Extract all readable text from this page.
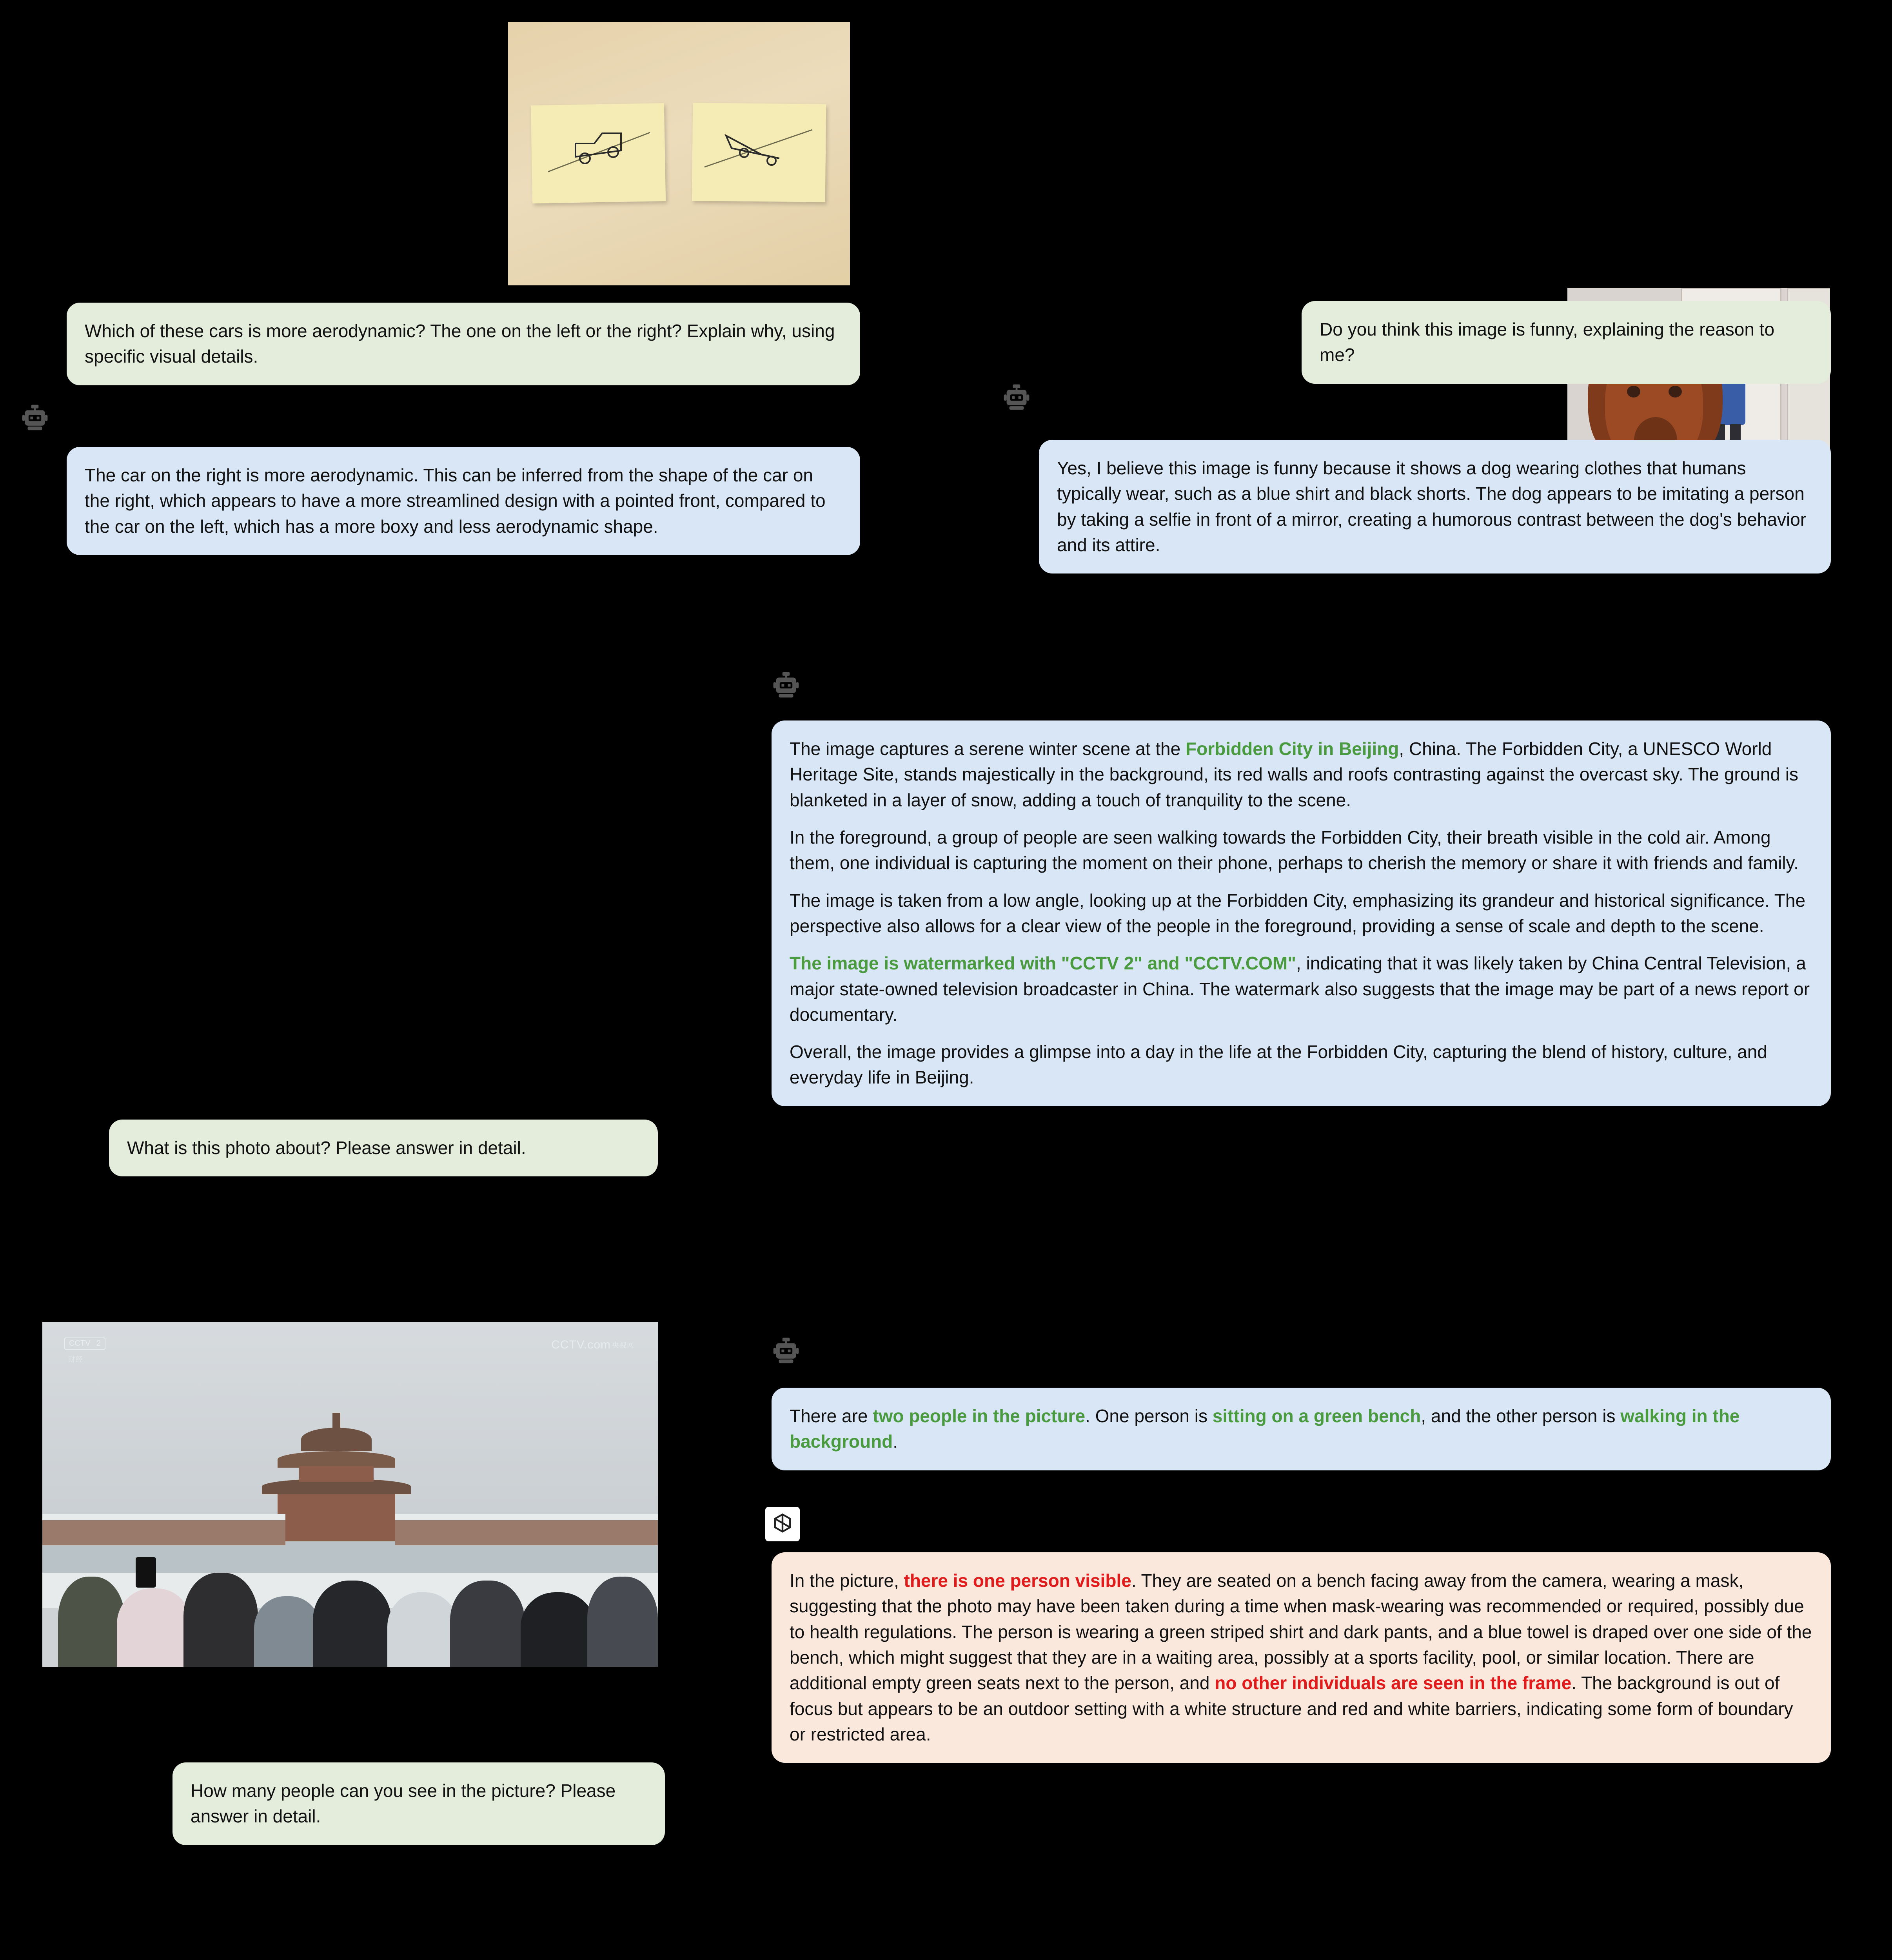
Which of these cars is more aerodynamic? The one on the left or the right? Explain why, using specific visual details.

The car on the right is more aerodynamic. This can be inferred from the shape of the car on the right, which appears to have a more streamlined design with a pointed front, compared to the car on the left, which has a more boxy and less aerodynamic shape.

Do you think this image is funny, explaining the reason to me?

Yes, I believe this image is funny because it shows a dog wearing clothes that humans typically wear, such as a blue shirt and black shorts. The dog appears to be imitating a person by taking a selfie in front of a mirror, creating a humorous contrast between the dog's behavior and its attire.

CCTV 2
财经
CCTV.com 央视网

What is this photo about? Please answer in detail.

The image captures a serene winter scene at the Forbidden City in Beijing, China. The Forbidden City, a UNESCO World Heritage Site, stands majestically in the background, its red walls and roofs contrasting against the overcast sky. The ground is blanketed in a layer of snow, adding a touch of tranquility to the scene.

In the foreground, a group of people are seen walking towards the Forbidden City, their breath visible in the cold air. Among them, one individual is capturing the moment on their phone, perhaps to cherish the memory or share it with friends and family.

The image is taken from a low angle, looking up at the Forbidden City, emphasizing its grandeur and historical significance. The perspective also allows for a clear view of the people in the foreground, providing a sense of scale and depth to the scene.

The image is watermarked with "CCTV 2" and "CCTV.COM", indicating that it was likely taken by China Central Television, a major state-owned television broadcaster in China. The watermark also suggests that the image may be part of a news report or documentary.

Overall, the image provides a glimpse into a day in the life at the Forbidden City, capturing the blend of history, culture, and everyday life in Beijing.

There are two people in the picture. One person is sitting on a green bench, and the other person is walking in the background.

In the picture, there is one person visible. They are seated on a bench facing away from the camera, wearing a mask, suggesting that the photo may have been taken during a time when mask-wearing was recommended or required, possibly due to health regulations. The person is wearing a green striped shirt and dark pants, and a blue towel is draped over one side of the bench, which might suggest that they are in a waiting area, possibly at a sports facility, pool, or similar location. There are additional empty green seats next to the person, and no other individuals are seen in the frame. The background is out of focus but appears to be an outdoor setting with a white structure and red and white barriers, indicating some form of boundary or restricted area.

How many people can you see in the picture? Please answer in detail.
